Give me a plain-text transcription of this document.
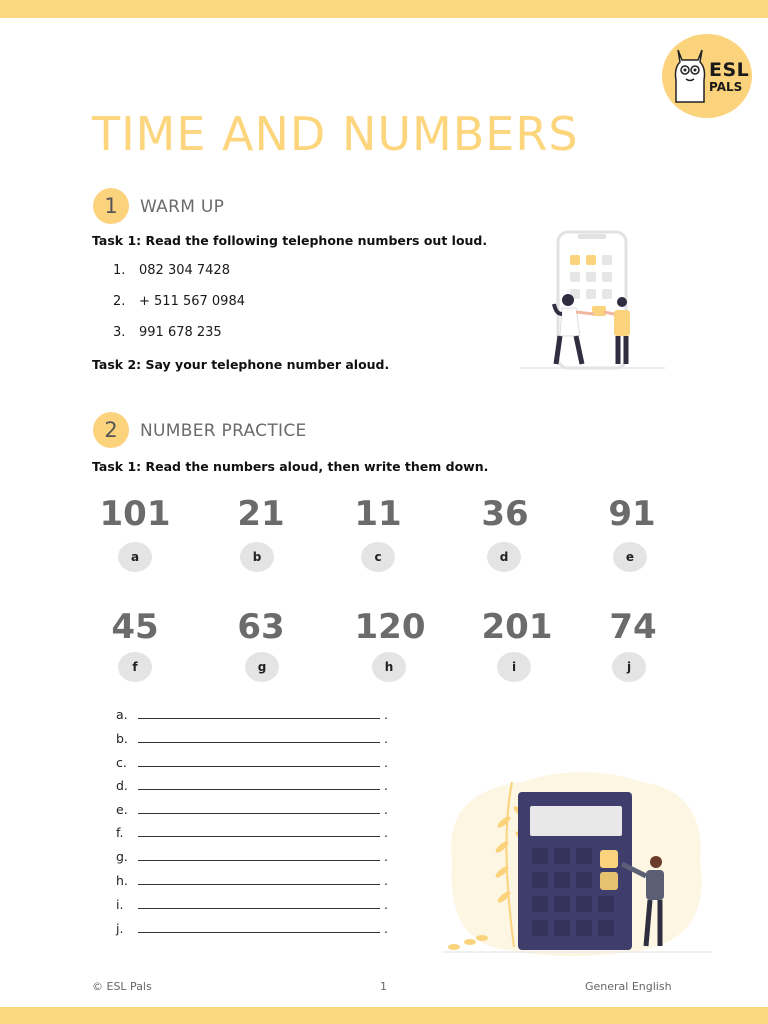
ESL
PALS
TIME AND NUMBERS
1	WARM UP
Task 1: Read the following telephone numbers out loud.
1. 082 304 7428
2. + 511 567 0984
3. 991 678 235
Task 2: Say your telephone number aloud.
2	NUMBER PRACTICE
Task 1: Read the numbers aloud, then write them down.
101	21	11	36	91
a	b	c	d	e
45	63	120	201	74
f	g	h	i	j
a.	.
b.	.
c.	.
d.	.
e.	.
f.	.
g.	.
h.	.
i.	.
j.	.
© ESL Pals	1	General English
